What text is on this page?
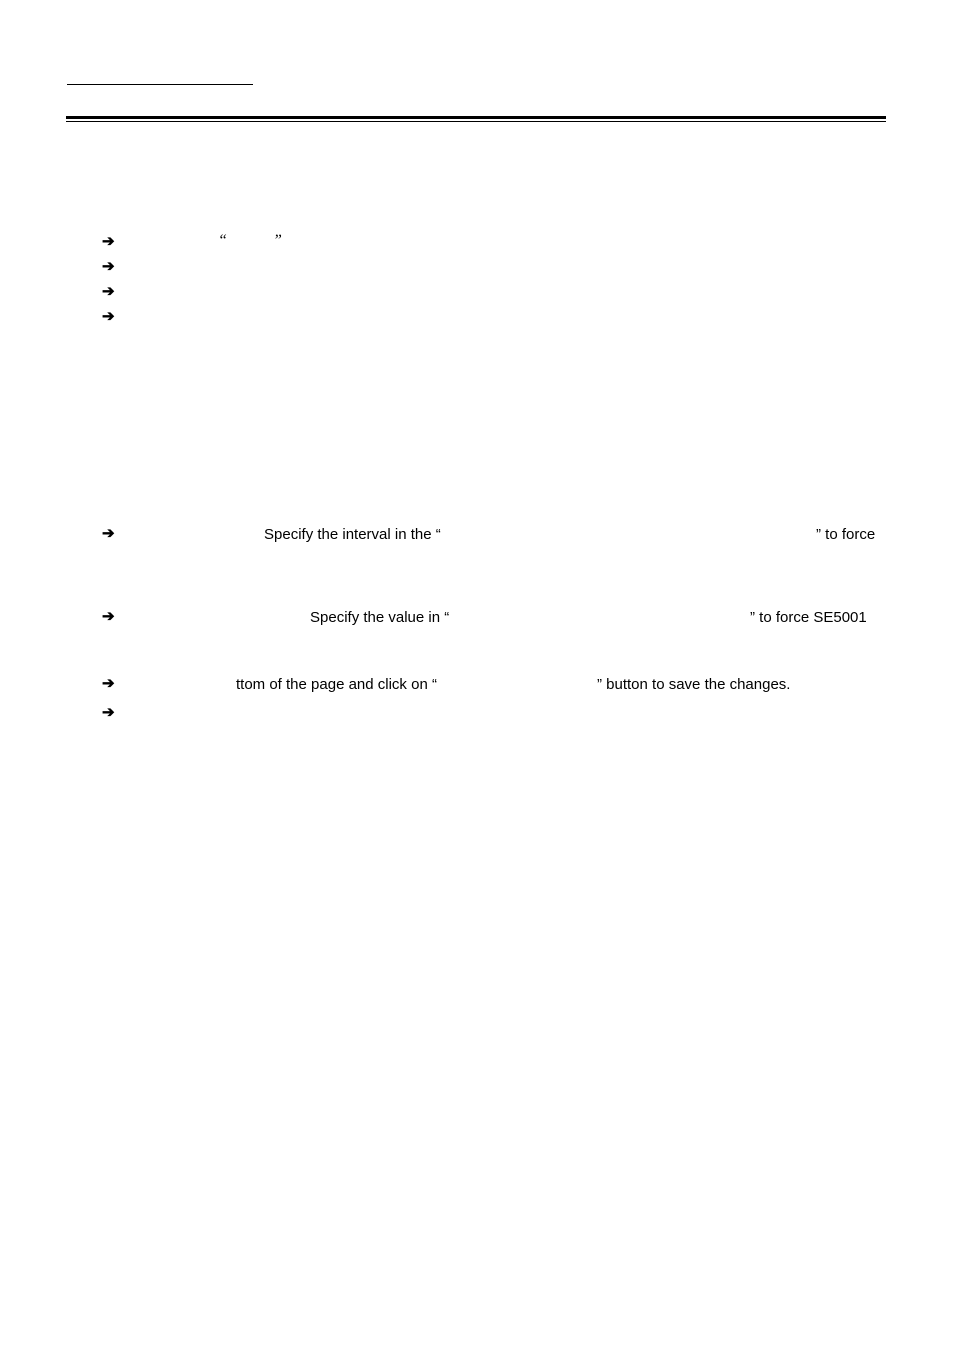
➔	“	”
➔
➔
➔
➔	Specify the interval in the “	” to force
➔	Specify the value in “	” to force SE5001
➔	ttom of the page and click on “	” button to save the changes.
➔
